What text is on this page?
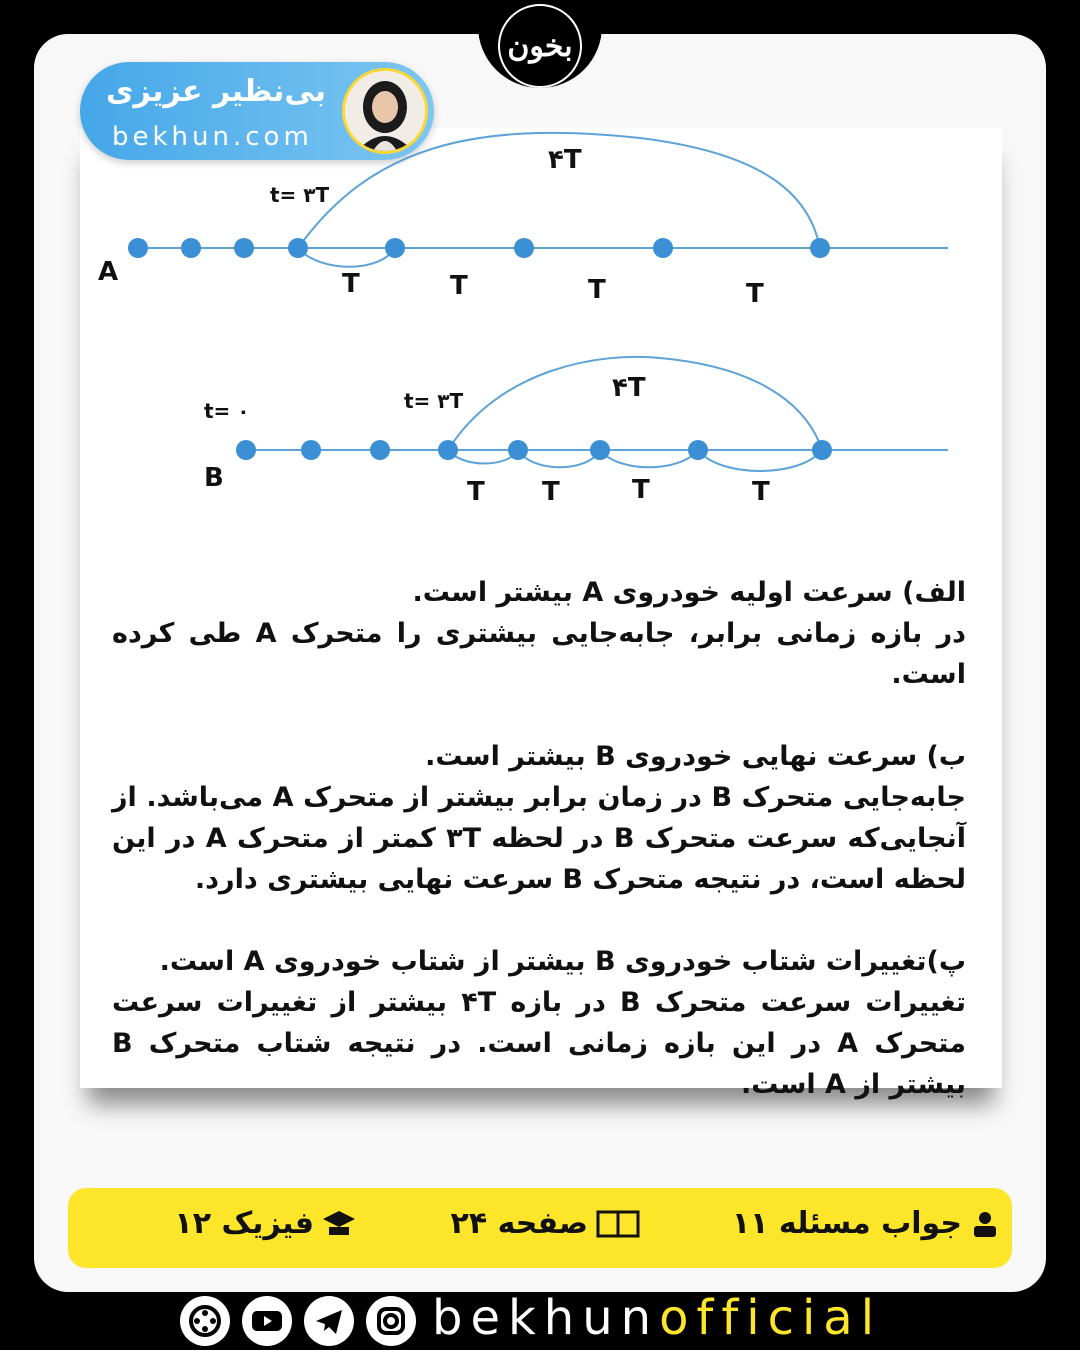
بخون
بی‌نظیر عزیزی
bekhun.com
A
t= ۳T
۴T
T	T	T	T
B
t= ۰	t= ۳T	۴T
T T	T	T
الف) سرعت اولیه خودروی A بیشتر است.
در بازه زمانی برابر، جابه‌جایی بیشتری را متحرک A طی کرده است.
ب) سرعت نهایی خودروی B بیشتر است.
جابه‌جایی متحرک B در زمان برابر بیشتر از متحرک A می‌باشد. از آنجایی‌که سرعت متحرک B در لحظه ۳T کمتر از متحرک A در این لحظه است، در نتیجه متحرک B سرعت نهایی بیشتری دارد.
پ)تغییرات شتاب خودروی B بیشتر از شتاب خودروی A است.
تغییرات سرعت متحرک B در بازه ۴T بیشتر از تغییرات سرعت متحرک A در این بازه زمانی است. در نتیجه شتاب متحرک B بیشتر از A است.
جواب مسئله ۱۱
صفحه ۲۴
فیزیک ۱۲
bekhunofficial
